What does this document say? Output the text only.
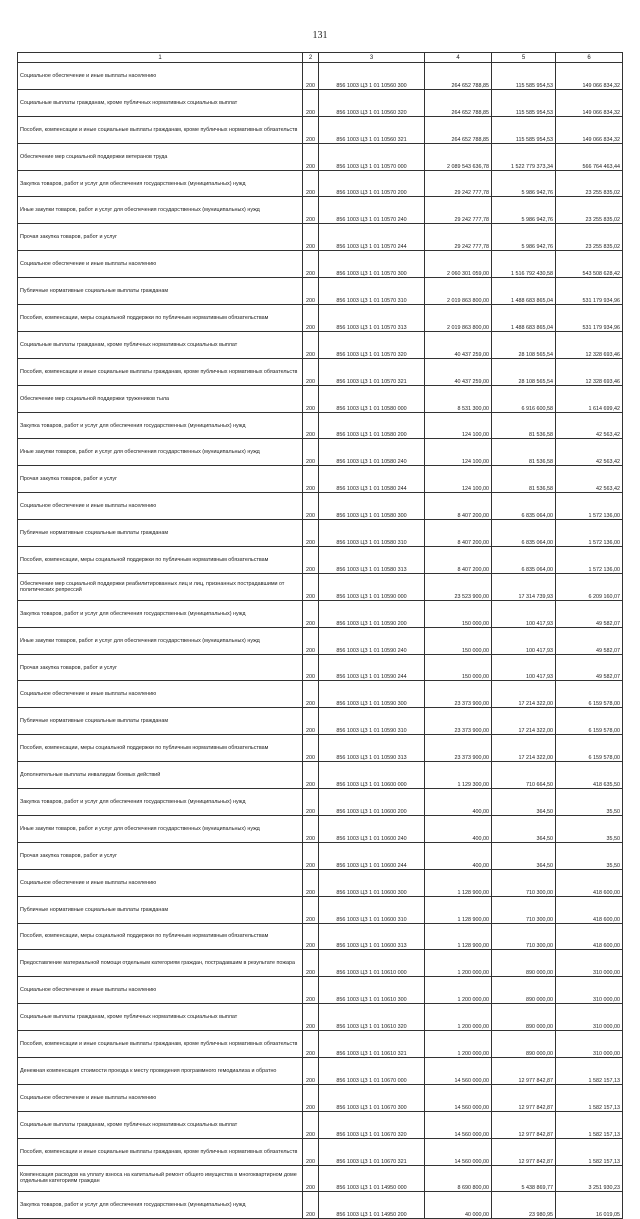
131
1	2	3	4	5	6
Социальное обеспечение и иные выплаты населению	200	856 1003 ЦЗ 1 01 10560 300	264 652 788,85	115 585 954,53	149 066 834,32
Социальные выплаты гражданам, кроме публичных нормативных социальных выплат	200	856 1003 ЦЗ 1 01 10560 320	264 652 788,85	115 585 954,53	149 066 834,32
Пособия, компенсации и иные социальные выплаты гражданам, кроме публичных нормативных обязательств	200	856 1003 ЦЗ 1 01 10560 321	264 652 788,85	115 585 954,53	149 066 834,32
Обеспечение мер социальной поддержки ветеранов труда	200	856 1003 ЦЗ 1 01 10570 000	2 089 543 636,78	1 522 779 373,34	566 764 463,44
Закупка товаров, работ и услуг для обеспечения государственных (муниципальных) нужд	200	856 1003 ЦЗ 1 01 10570 200	29 242 777,78	5 986 942,76	23 255 835,02
Иные закупки товаров, работ и услуг для обеспечения государственных (муниципальных) нужд	200	856 1003 ЦЗ 1 01 10570 240	29 242 777,78	5 986 942,76	23 255 835,02
Прочая закупка товаров, работ и услуг	200	856 1003 ЦЗ 1 01 10570 244	29 242 777,78	5 986 942,76	23 255 835,02
Социальное обеспечение и иные выплаты населению	200	856 1003 ЦЗ 1 01 10570 300	2 060 301 059,00	1 516 792 430,58	543 508 628,42
Публичные нормативные социальные выплаты гражданам	200	856 1003 ЦЗ 1 01 10570 310	2 019 863 800,00	1 488 683 865,04	531 179 934,96
Пособия, компенсации, меры социальной поддержки по публичным нормативным обязательствам	200	856 1003 ЦЗ 1 01 10570 313	2 019 863 800,00	1 488 683 865,04	531 179 934,96
Социальные выплаты гражданам, кроме публичных нормативных социальных выплат	200	856 1003 ЦЗ 1 01 10570 320	40 437 259,00	28 108 565,54	12 328 693,46
Пособия, компенсации и иные социальные выплаты гражданам, кроме публичных нормативных обязательств	200	856 1003 ЦЗ 1 01 10570 321	40 437 259,00	28 108 565,54	12 328 693,46
Обеспечение мер социальной поддержки тружеников тыла	200	856 1003 ЦЗ 1 01 10580 000	8 531 300,00	6 916 600,58	1 614 699,42
Закупка товаров, работ и услуг для обеспечения государственных (муниципальных) нужд	200	856 1003 ЦЗ 1 01 10580 200	124 100,00	81 536,58	42 563,42
Иные закупки товаров, работ и услуг для обеспечения государственных (муниципальных) нужд	200	856 1003 ЦЗ 1 01 10580 240	124 100,00	81 536,58	42 563,42
Прочая закупка товаров, работ и услуг	200	856 1003 ЦЗ 1 01 10580 244	124 100,00	81 536,58	42 563,42
Социальное обеспечение и иные выплаты населению	200	856 1003 ЦЗ 1 01 10580 300	8 407 200,00	6 835 064,00	1 572 136,00
Публичные нормативные социальные выплаты гражданам	200	856 1003 ЦЗ 1 01 10580 310	8 407 200,00	6 835 064,00	1 572 136,00
Пособия, компенсации, меры социальной поддержки по публичным нормативным обязательствам	200	856 1003 ЦЗ 1 01 10580 313	8 407 200,00	6 835 064,00	1 572 136,00
Обеспечение мер социальной поддержки реабилитированных лиц и лиц, признанных пострадавшими от политических репрессий	200	856 1003 ЦЗ 1 01 10590 000	23 523 900,00	17 314 739,93	6 209 160,07
Закупка товаров, работ и услуг для обеспечения государственных (муниципальных) нужд	200	856 1003 ЦЗ 1 01 10590 200	150 000,00	100 417,93	49 582,07
Иные закупки товаров, работ и услуг для обеспечения государственных (муниципальных) нужд	200	856 1003 ЦЗ 1 01 10590 240	150 000,00	100 417,93	49 582,07
Прочая закупка товаров, работ и услуг	200	856 1003 ЦЗ 1 01 10590 244	150 000,00	100 417,93	49 582,07
Социальное обеспечение и иные выплаты населению	200	856 1003 ЦЗ 1 01 10590 300	23 373 900,00	17 214 322,00	6 159 578,00
Публичные нормативные социальные выплаты гражданам	200	856 1003 ЦЗ 1 01 10590 310	23 373 900,00	17 214 322,00	6 159 578,00
Пособия, компенсации, меры социальной поддержки по публичным нормативным обязательствам	200	856 1003 ЦЗ 1 01 10590 313	23 373 900,00	17 214 322,00	6 159 578,00
Дополнительные выплаты инвалидам боевых действий	200	856 1003 ЦЗ 1 01 10600 000	1 129 300,00	710 664,50	418 635,50
Закупка товаров, работ и услуг для обеспечения государственных (муниципальных) нужд	200	856 1003 ЦЗ 1 01 10600 200	400,00	364,50	35,50
Иные закупки товаров, работ и услуг для обеспечения государственных (муниципальных) нужд	200	856 1003 ЦЗ 1 01 10600 240	400,00	364,50	35,50
Прочая закупка товаров, работ и услуг	200	856 1003 ЦЗ 1 01 10600 244	400,00	364,50	35,50
Социальное обеспечение и иные выплаты населению	200	856 1003 ЦЗ 1 01 10600 300	1 128 900,00	710 300,00	418 600,00
Публичные нормативные социальные выплаты гражданам	200	856 1003 ЦЗ 1 01 10600 310	1 128 900,00	710 300,00	418 600,00
Пособия, компенсации, меры социальной поддержки по публичным нормативным обязательствам	200	856 1003 ЦЗ 1 01 10600 313	1 128 900,00	710 300,00	418 600,00
Предоставление материальной помощи отдельным категориям граждан, пострадавшим в результате пожара	200	856 1003 ЦЗ 1 01 10610 000	1 200 000,00	890 000,00	310 000,00
Социальное обеспечение и иные выплаты населению	200	856 1003 ЦЗ 1 01 10610 300	1 200 000,00	890 000,00	310 000,00
Социальные выплаты гражданам, кроме публичных нормативных социальных выплат	200	856 1003 ЦЗ 1 01 10610 320	1 200 000,00	890 000,00	310 000,00
Пособия, компенсации и иные социальные выплаты гражданам, кроме публичных нормативных обязательств	200	856 1003 ЦЗ 1 01 10610 321	1 200 000,00	890 000,00	310 000,00
Денежная компенсация стоимости проезда к месту проведения программного гемодиализа и обратно	200	856 1003 ЦЗ 1 01 10670 000	14 560 000,00	12 977 842,87	1 582 157,13
Социальное обеспечение и иные выплаты населению	200	856 1003 ЦЗ 1 01 10670 300	14 560 000,00	12 977 842,87	1 582 157,13
Социальные выплаты гражданам, кроме публичных нормативных социальных выплат	200	856 1003 ЦЗ 1 01 10670 320	14 560 000,00	12 977 842,87	1 582 157,13
Пособия, компенсации и иные социальные выплаты гражданам, кроме публичных нормативных обязательств	200	856 1003 ЦЗ 1 01 10670 321	14 560 000,00	12 977 842,87	1 582 157,13
Компенсация расходов на уплату взноса на капитальный ремонт общего имущества в многоквартирном доме отдельным категориям граждан	200	856 1003 ЦЗ 1 01 14950 000	8 690 800,00	5 438 869,77	3 251 930,23
Закупка товаров, работ и услуг для обеспечения государственных (муниципальных) нужд	200	856 1003 ЦЗ 1 01 14950 200	40 000,00	23 980,95	16 019,05
